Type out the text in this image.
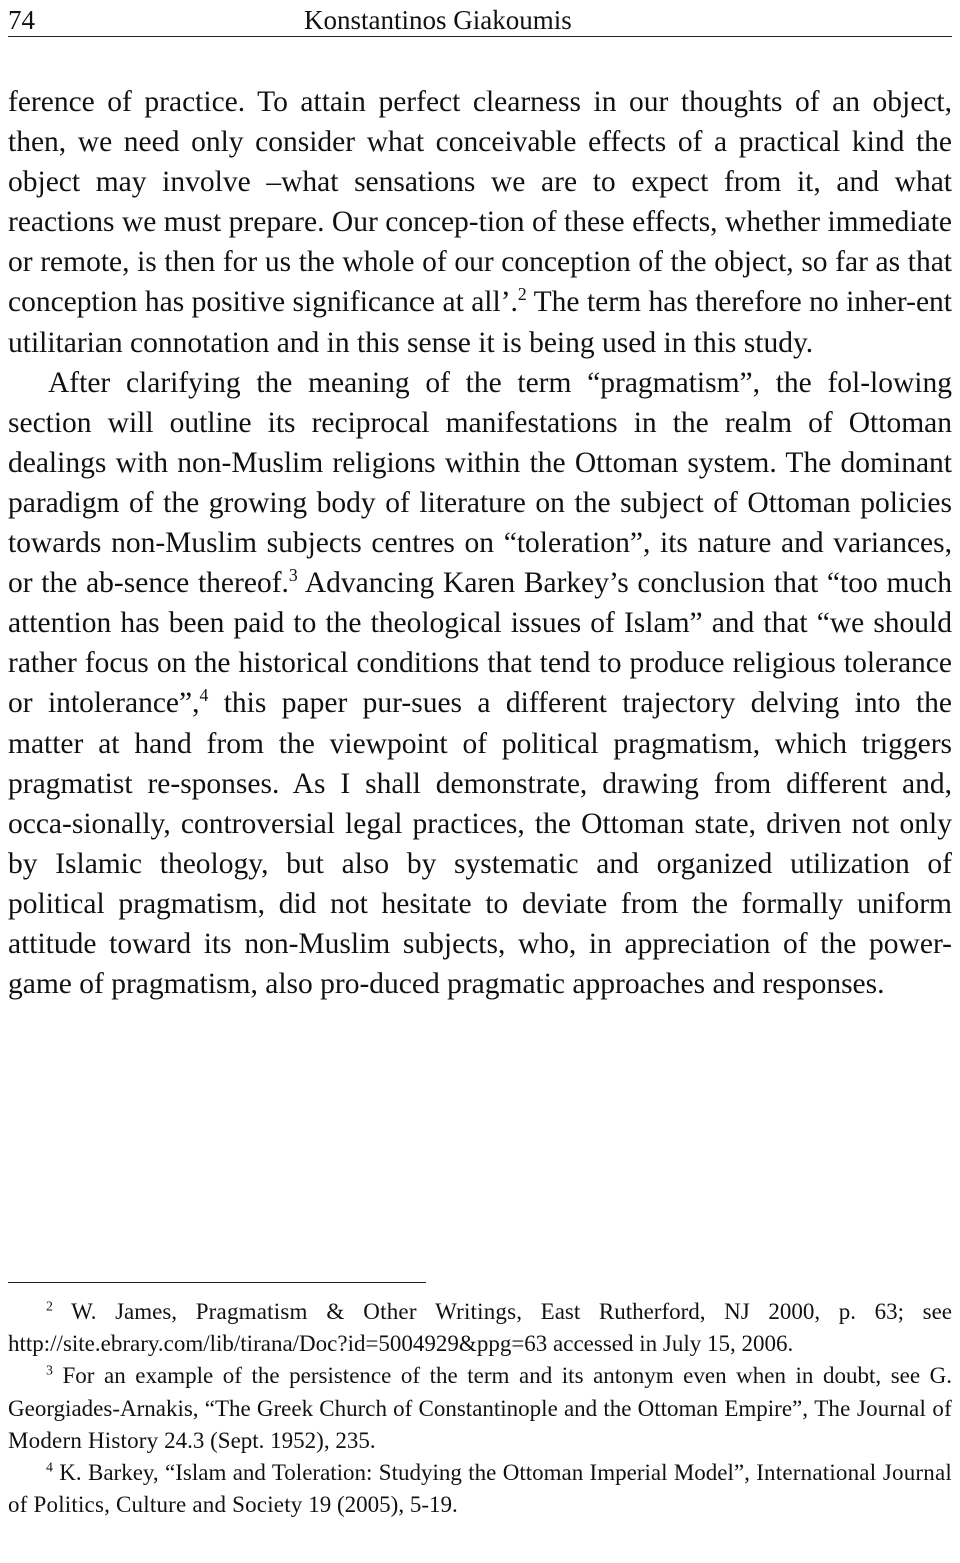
74	Konstantinos Giakoumis

ference of practice. To attain perfect clearness in our thoughts of an object, then, we need only consider what conceivable effects of a practical kind the object may involve –what sensations we are to expect from it, and what reactions we must prepare. Our concep-tion of these effects, whether immediate or remote, is then for us the whole of our conception of the object, so far as that conception has positive significance at all’.$^2$ The term has therefore no inher-ent utilitarian connotation and in this sense it is being used in this study.

After clarifying the meaning of the term “pragmatism”, the fol-lowing section will outline its reciprocal manifestations in the realm of Ottoman dealings with non-Muslim religions within the Ottoman system. The dominant paradigm of the growing body of literature on the subject of Ottoman policies towards non-Muslim subjects centres on “toleration”, its nature and variances, or the ab-sence thereof.$^3$ Advancing Karen Barkey’s conclusion that “too much attention has been paid to the theological issues of Islam” and that “we should rather focus on the historical conditions that tend to produce religious tolerance or intolerance”,$^4$ this paper pur-sues a different trajectory delving into the matter at hand from the viewpoint of political pragmatism, which triggers pragmatist re-sponses. As I shall demonstrate, drawing from different and, occa-sionally, controversial legal practices, the Ottoman state, driven not only by Islamic theology, but also by systematic and organized utilization of political pragmatism, did not hesitate to deviate from the formally uniform attitude toward its non-Muslim subjects, who, in appreciation of the power-game of pragmatism, also pro-duced pragmatic approaches and responses.

$^2$ W. James, Pragmatism & Other Writings, East Rutherford, NJ 2000, p. 63; see http://site.ebrary.com/lib/tirana/Doc?id=5004929&ppg=63 accessed in July 15, 2006.

$^3$ For an example of the persistence of the term and its antonym even when in doubt, see G. Georgiades-Arnakis, “The Greek Church of Constantinople and the Ottoman Empire”, The Journal of Modern History 24.3 (Sept. 1952), 235.

$^4$ K. Barkey, “Islam and Toleration: Studying the Ottoman Imperial Model”, International Journal of Politics, Culture and Society 19 (2005), 5-19.
